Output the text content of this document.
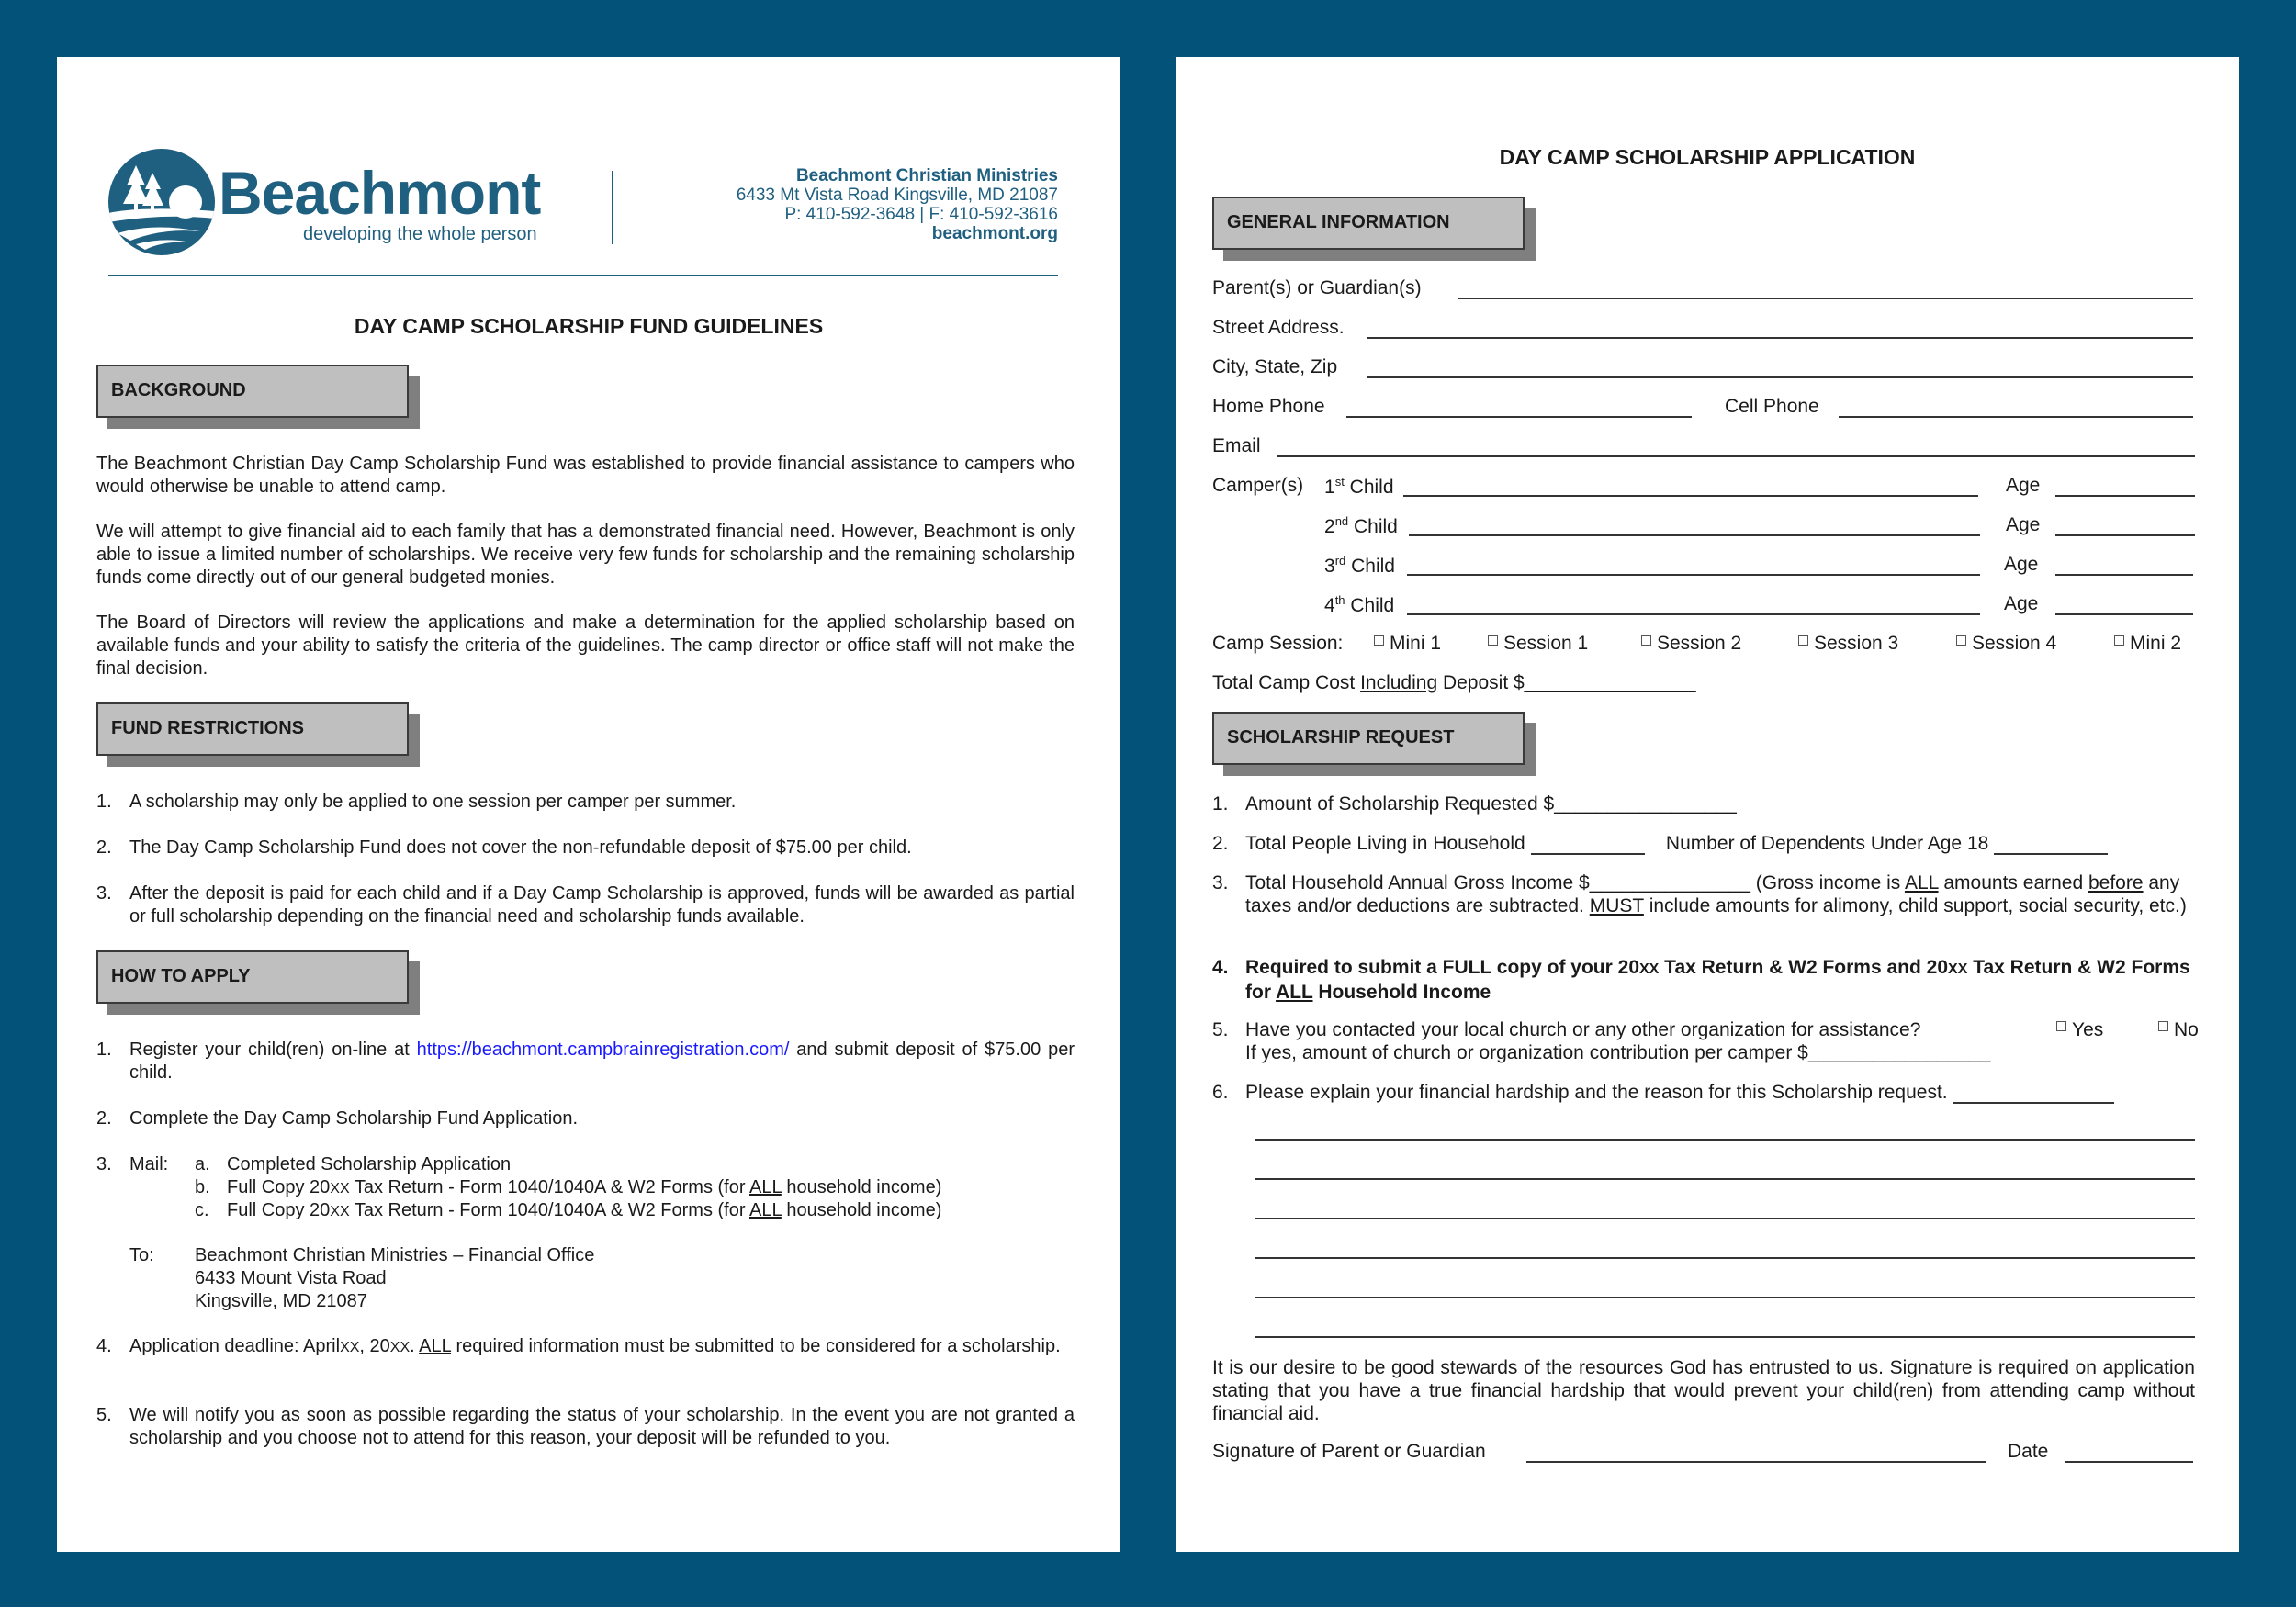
Beachmont
developing the whole person
Beachmont Christian Ministries
6433 Mt Vista Road Kingsville, MD 21087
P: 410-592-3648 | F: 410-592-3616
beachmont.org
DAY CAMP SCHOLARSHIP FUND GUIDELINES
BACKGROUND
The Beachmont Christian Day Camp Scholarship Fund was established to provide financial assistance to campers who would otherwise be unable to attend camp.
We will attempt to give financial aid to each family that has a demonstrated financial need. However, Beachmont is only able to issue a limited number of scholarships. We receive very few funds for scholarship and the remaining scholarship funds come directly out of our general budgeted monies.
The Board of Directors will review the applications and make a determination for the applied scholarship based on available funds and your ability to satisfy the criteria of the guidelines. The camp director or office staff will not make the final decision.
FUND RESTRICTIONS
1. A scholarship may only be applied to one session per camper per summer.
2. The Day Camp Scholarship Fund does not cover the non-refundable deposit of $75.00 per child.
3. After the deposit is paid for each child and if a Day Camp Scholarship is approved, funds will be awarded as partial or full scholarship depending on the financial need and scholarship funds available.
HOW TO APPLY
1. Register your child(ren) on-line at https://beachmont.campbrainregistration.com/ and submit deposit of $75.00 per child.
2. Complete the Day Camp Scholarship Fund Application.
3. Mail: a. Completed Scholarship Application
b. Full Copy 20XX Tax Return - Form 1040/1040A & W2 Forms (for ALL household income)
c. Full Copy 20XX Tax Return - Form 1040/1040A & W2 Forms (for ALL household income)
To: Beachmont Christian Ministries – Financial Office
6433 Mount Vista Road
Kingsville, MD 21087
4. Application deadline: AprilXX, 20XX. ALL required information must be submitted to be considered for a scholarship.
5. We will notify you as soon as possible regarding the status of your scholarship. In the event you are not granted a scholarship and you choose not to attend for this reason, your deposit will be refunded to you.
DAY CAMP SCHOLARSHIP APPLICATION
GENERAL INFORMATION
Parent(s) or Guardian(s)
Street Address.
City, State, Zip
Home Phone	Cell Phone
Email
Camper(s) 1st Child	Age
2nd Child	Age
3rd Child	Age
4th Child	Age
Camp Session:	Mini 1	Session 1	Session 2	Session 3	Session 4	Mini 2
Total Camp Cost Including Deposit $________________
SCHOLARSHIP REQUEST
1. Amount of Scholarship Requested $_________________
2. Total People Living in Household	Number of Dependents Under Age 18
3. Total Household Annual Gross Income $_______________ (Gross income is ALL amounts earned before any taxes and/or deductions are subtracted. MUST include amounts for alimony, child support, social security, etc.)
4. Required to submit a FULL copy of your 20XX Tax Return & W2 Forms and 20XX Tax Return & W2 Forms for ALL Household Income
5. Have you contacted your local church or any other organization for assistance?	Yes	No
If yes, amount of church or organization contribution per camper $_________________
6. Please explain your financial hardship and the reason for this Scholarship request.
It is our desire to be good stewards of the resources God has entrusted to us. Signature is required on application stating that you have a true financial hardship that would prevent your child(ren) from attending camp without financial aid.
Signature of Parent or Guardian	Date
